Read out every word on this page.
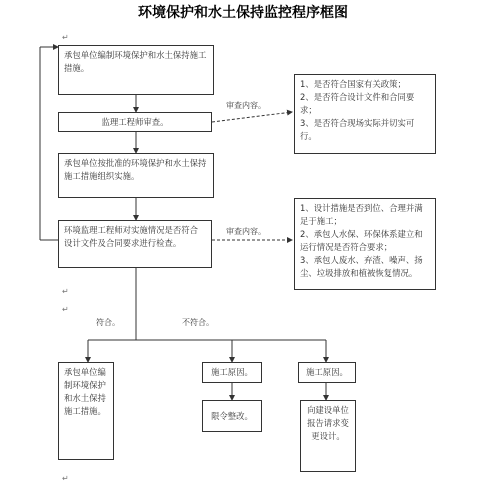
环境保护和水土保持监控程序框图
↵
↵
↵
↵

承包单位编制环境保护和水土保持施工措施。

监理工程师审查。

承包单位按批准的环境保护和水土保持施工措施组织实施。

环境监理工程师对实施情况是否符合设计文件及合同要求进行检查。

1、是否符合国家有关政策；

2、是否符合设计文件和合同要求；

3、是否符合现场实际并切实可行。

1、设计措施是否到位、合理并满足于施工；

2、承包人水保、环保体系建立和运行情况是否符合要求；

3、承包人废水、弃渣、噪声、扬尘、垃圾排放和植被恢复情况。

审查内容。
审查内容。
符合。	不符合。

承包单位编制环境保护和水土保持施工措施。

施工原因。

限令整改。

施工原因。

向建设单位报告请求变更设计。
